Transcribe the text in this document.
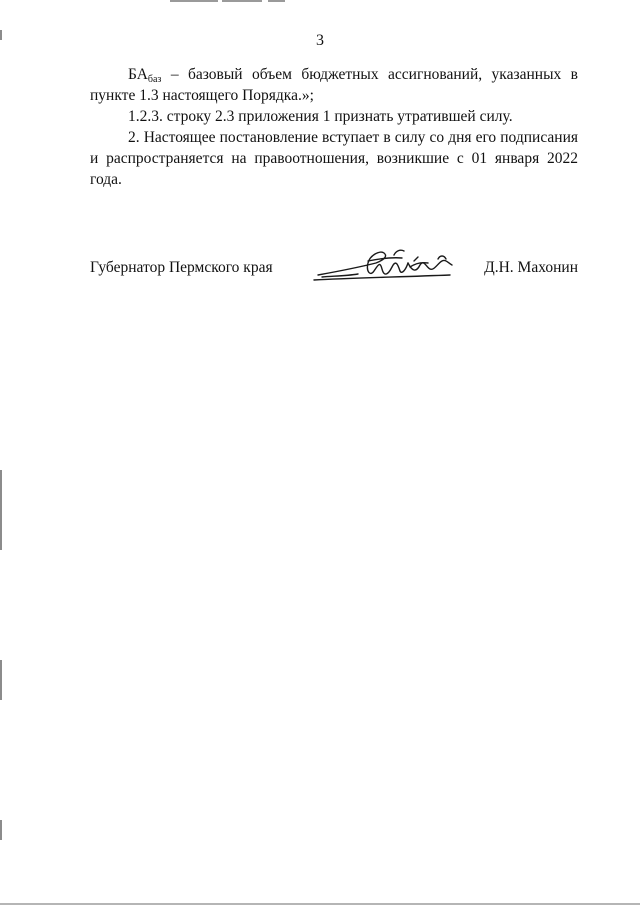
3

$БА_{баз}$ – базовый объем бюджетных ассигнований, указанных в пункте 1.3 настоящего Порядка.»;

1.2.3. строку 2.3 приложения 1 признать утратившей силу.

2. Настоящее постановление вступает в силу со дня его подписания и распространяется на правоотношения, возникшие с 01 января 2022 года.

Губернатор Пермского края	Д.Н. Махонин
